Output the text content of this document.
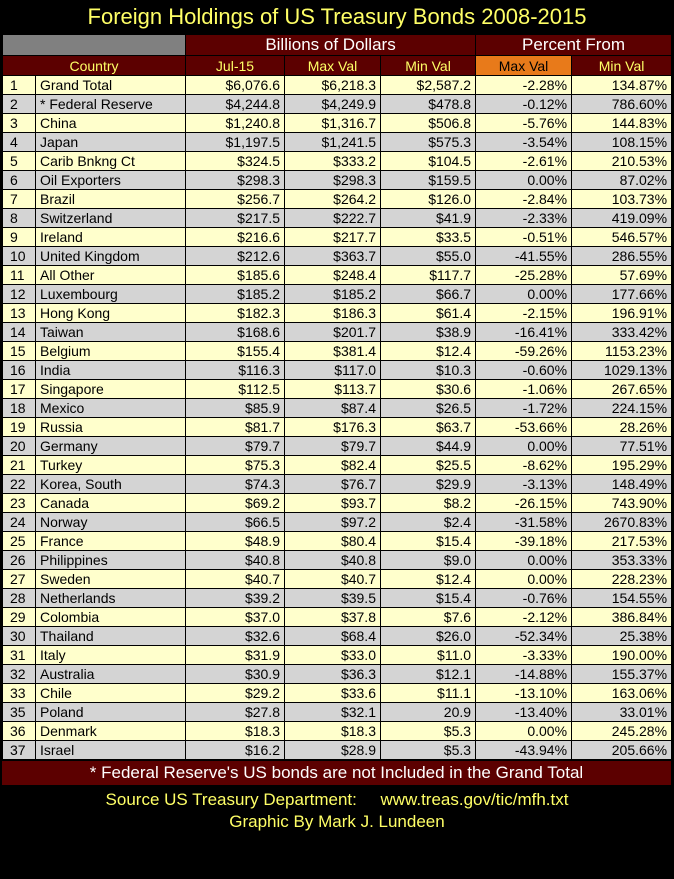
Foreign Holdings of US Treasury Bonds 2008-2015
		Billions of Dollars			Percent From	
Country		Jul-15	Max Val	Min Val	Max Val	Min Val
1	Grand Total	$6,076.6	$6,218.3	$2,587.2	-2.28%	134.87%
2	* Federal Reserve	$4,244.8	$4,249.9	$478.8	-0.12%	786.60%
3	China	$1,240.8	$1,316.7	$506.8	-5.76%	144.83%
4	Japan	$1,197.5	$1,241.5	$575.3	-3.54%	108.15%
5	Carib Bnkng Ct	$324.5	$333.2	$104.5	-2.61%	210.53%
6	Oil Exporters	$298.3	$298.3	$159.5	0.00%	87.02%
7	Brazil	$256.7	$264.2	$126.0	-2.84%	103.73%
8	Switzerland	$217.5	$222.7	$41.9	-2.33%	419.09%
9	Ireland	$216.6	$217.7	$33.5	-0.51%	546.57%
10	United Kingdom	$212.6	$363.7	$55.0	-41.55%	286.55%
11	All Other	$185.6	$248.4	$117.7	-25.28%	57.69%
12	Luxembourg	$185.2	$185.2	$66.7	0.00%	177.66%
13	Hong Kong	$182.3	$186.3	$61.4	-2.15%	196.91%
14	Taiwan	$168.6	$201.7	$38.9	-16.41%	333.42%
15	Belgium	$155.4	$381.4	$12.4	-59.26%	1153.23%
16	India	$116.3	$117.0	$10.3	-0.60%	1029.13%
17	Singapore	$112.5	$113.7	$30.6	-1.06%	267.65%
18	Mexico	$85.9	$87.4	$26.5	-1.72%	224.15%
19	Russia	$81.7	$176.3	$63.7	-53.66%	28.26%
20	Germany	$79.7	$79.7	$44.9	0.00%	77.51%
21	Turkey	$75.3	$82.4	$25.5	-8.62%	195.29%
22	Korea, South	$74.3	$76.7	$29.9	-3.13%	148.49%
23	Canada	$69.2	$93.7	$8.2	-26.15%	743.90%
24	Norway	$66.5	$97.2	$2.4	-31.58%	2670.83%
25	France	$48.9	$80.4	$15.4	-39.18%	217.53%
26	Philippines	$40.8	$40.8	$9.0	0.00%	353.33%
27	Sweden	$40.7	$40.7	$12.4	0.00%	228.23%
28	Netherlands	$39.2	$39.5	$15.4	-0.76%	154.55%
29	Colombia	$37.0	$37.8	$7.6	-2.12%	386.84%
30	Thailand	$32.6	$68.4	$26.0	-52.34%	25.38%
31	Italy	$31.9	$33.0	$11.0	-3.33%	190.00%
32	Australia	$30.9	$36.3	$12.1	-14.88%	155.37%
33	Chile	$29.2	$33.6	$11.1	-13.10%	163.06%
35	Poland	$27.8	$32.1	20.9	-13.40%	33.01%
36	Denmark	$18.3	$18.3	$5.3	0.00%	245.28%
37	Israel	$16.2	$28.9	$5.3	-43.94%	205.66%
* Federal Reserve's US bonds are not Included in the Grand Total
Source US Treasury Department:     www.treas.gov/tic/mfh.txt
Graphic By Mark J. Lundeen
